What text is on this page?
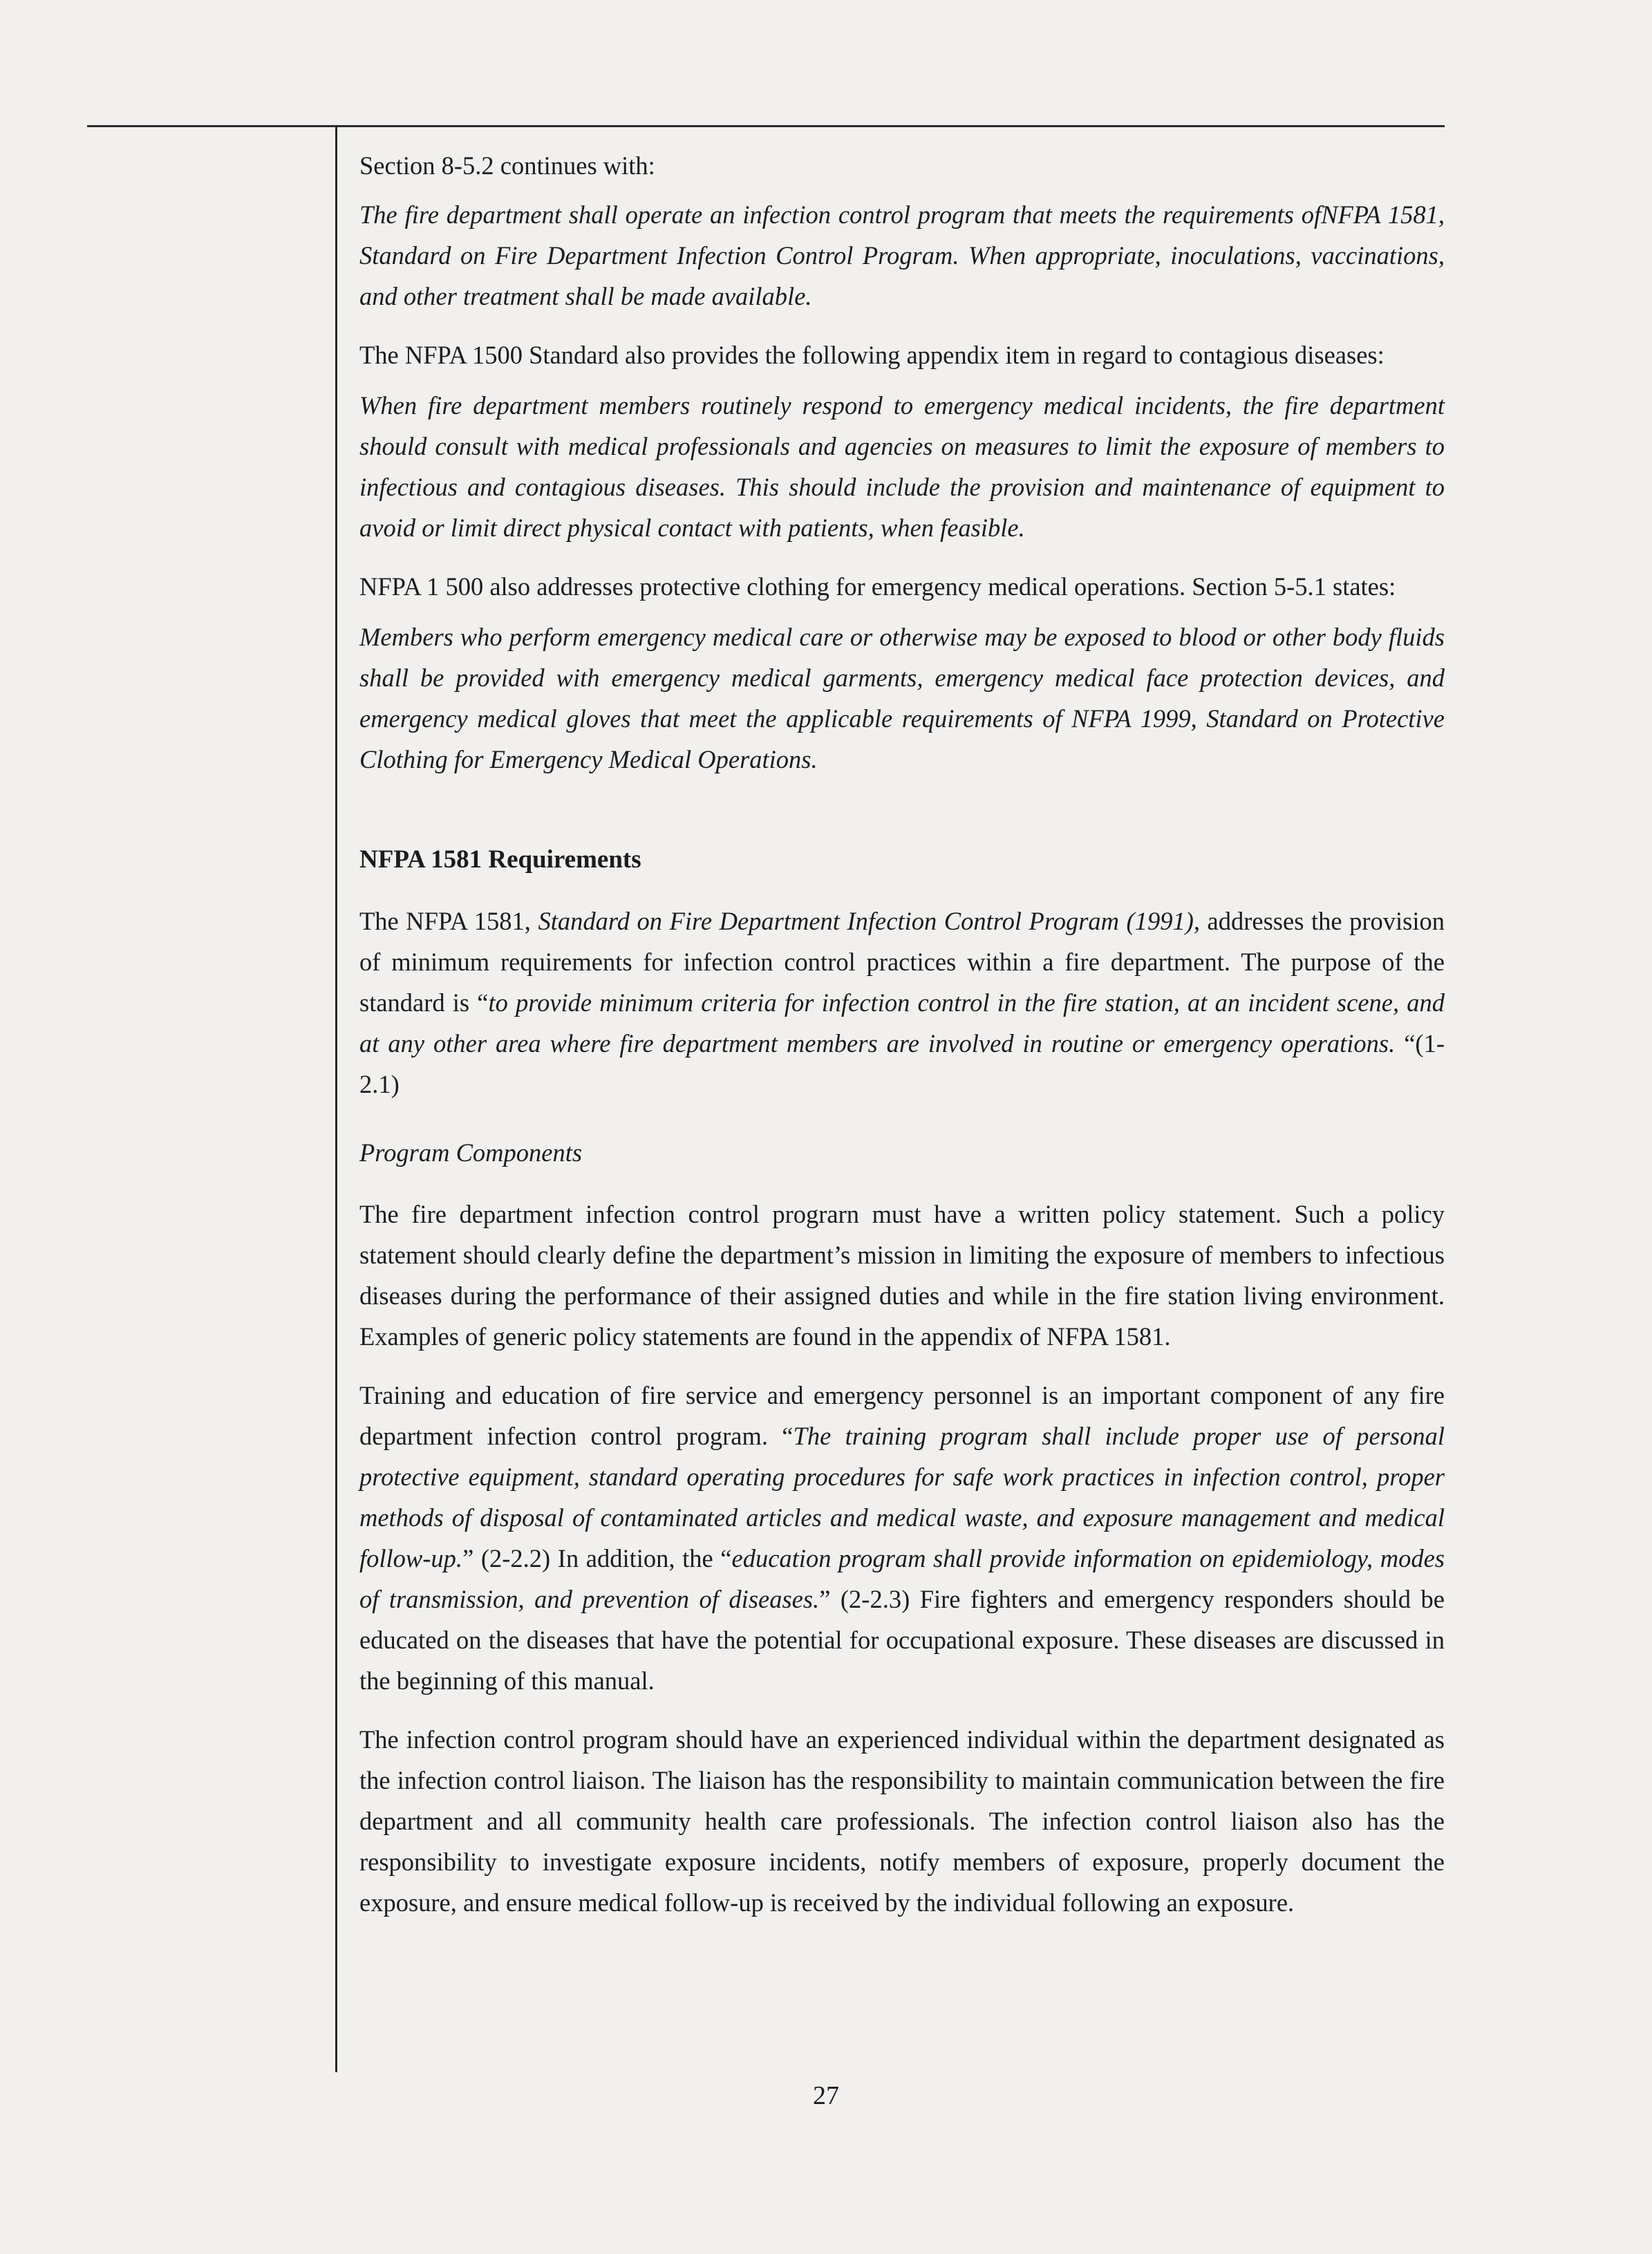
Section 8-5.2 continues with:

The fire department shall operate an infection control program that meets the requirements ofNFPA 1581, Standard on Fire Department Infection Control Program. When appropriate, inoculations, vaccinations, and other treatment shall be made available.

The NFPA 1500 Standard also provides the following appendix item in regard to contagious diseases:

When fire department members routinely respond to emergency medical incidents, the fire department should consult with medical professionals and agencies on measures to limit the exposure of members to infectious and contagious diseases. This should include the provision and maintenance of equipment to avoid or limit direct physical contact with patients, when feasible.

NFPA 1 500 also addresses protective clothing for emergency medical operations. Section 5-5.1 states:

Members who perform emergency medical care or otherwise may be exposed to blood or other body fluids shall be provided with emergency medical garments, emergency medical face protection devices, and emergency medical gloves that meet the applicable requirements of NFPA 1999, Standard on Protective Clothing for Emergency Medical Operations.

NFPA 1581 Requirements

The NFPA 1581, Standard on Fire Department Infection Control Program (1991), addresses the provision of minimum requirements for infection control practices within a fire department. The purpose of the standard is “to provide minimum criteria for infection control in the fire station, at an incident scene, and at any other area where fire department members are involved in routine or emergency operations. “(1-2.1)

Program Components

The fire department infection control prograrn must have a written policy statement. Such a policy statement should clearly define the department’s mission in limiting the exposure of members to infectious diseases during the performance of their assigned duties and while in the fire station living environment. Examples of generic policy statements are found in the appendix of NFPA 1581.

Training and education of fire service and emergency personnel is an important component of any fire department infection control program. “The training program shall include proper use of personal protective equipment, standard operating procedures for safe work practices in infection control, proper methods of disposal of contaminated articles and medical waste, and exposure management and medical follow-up.” (2-2.2) In addition, the “education program shall provide information on epidemiology, modes of transmission, and prevention of diseases.” (2-2.3) Fire fighters and emergency responders should be educated on the diseases that have the potential for occupational exposure. These diseases are discussed in the beginning of this manual.

The infection control program should have an experienced individual within the department designated as the infection control liaison. The liaison has the responsibility to maintain communication between the fire department and all community health care professionals. The infection control liaison also has the responsibility to investigate exposure incidents, notify members of exposure, properly document the exposure, and ensure medical follow-up is received by the individual following an exposure.

27
